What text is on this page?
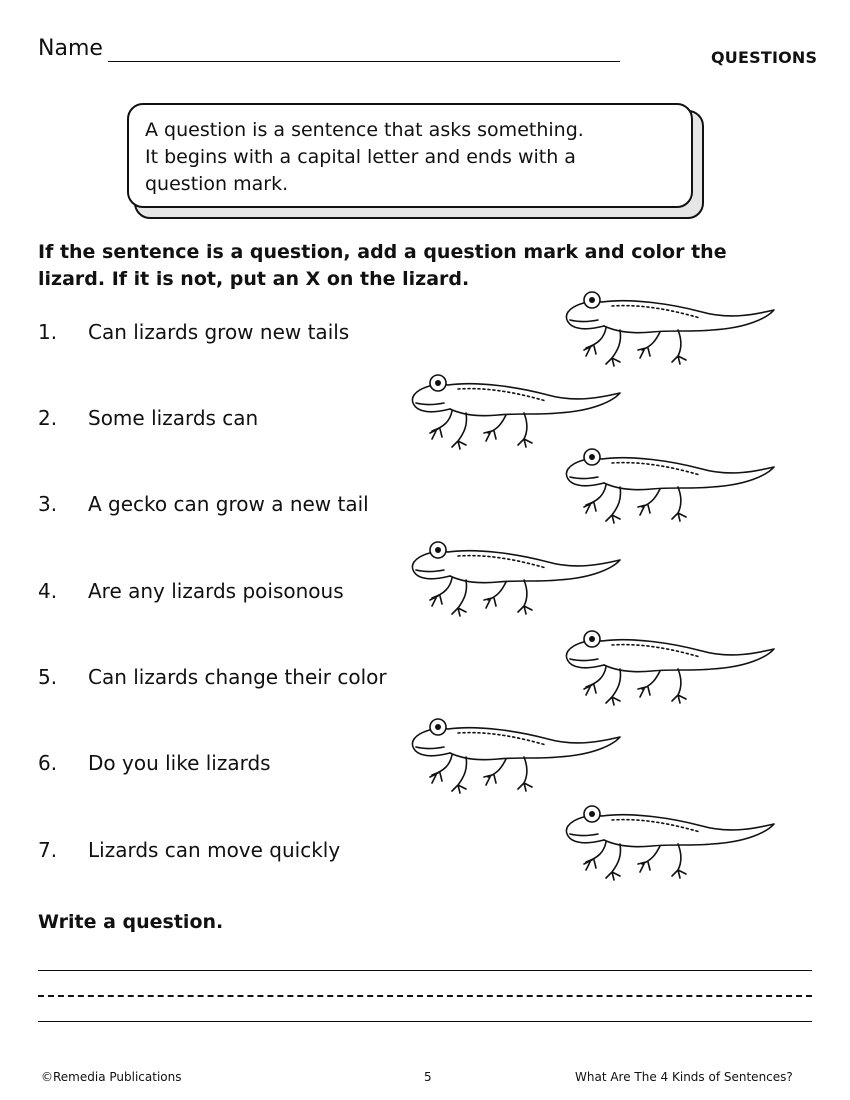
Name	QUESTIONS
A question is a sentence that asks something.
It begins with a capital letter and ends with a
question mark.
If the sentence is a question, add a question mark and color the
lizard. If it is not, put an X on the lizard.
1. Can lizards grow new tails
2. Some lizards can
3. A gecko can grow a new tail
4. Are any lizards poisonous
5. Can lizards change their color
6. Do you like lizards
7. Lizards can move quickly
Write a question.
©Remedia Publications	5	What Are The 4 Kinds of Sentences?
